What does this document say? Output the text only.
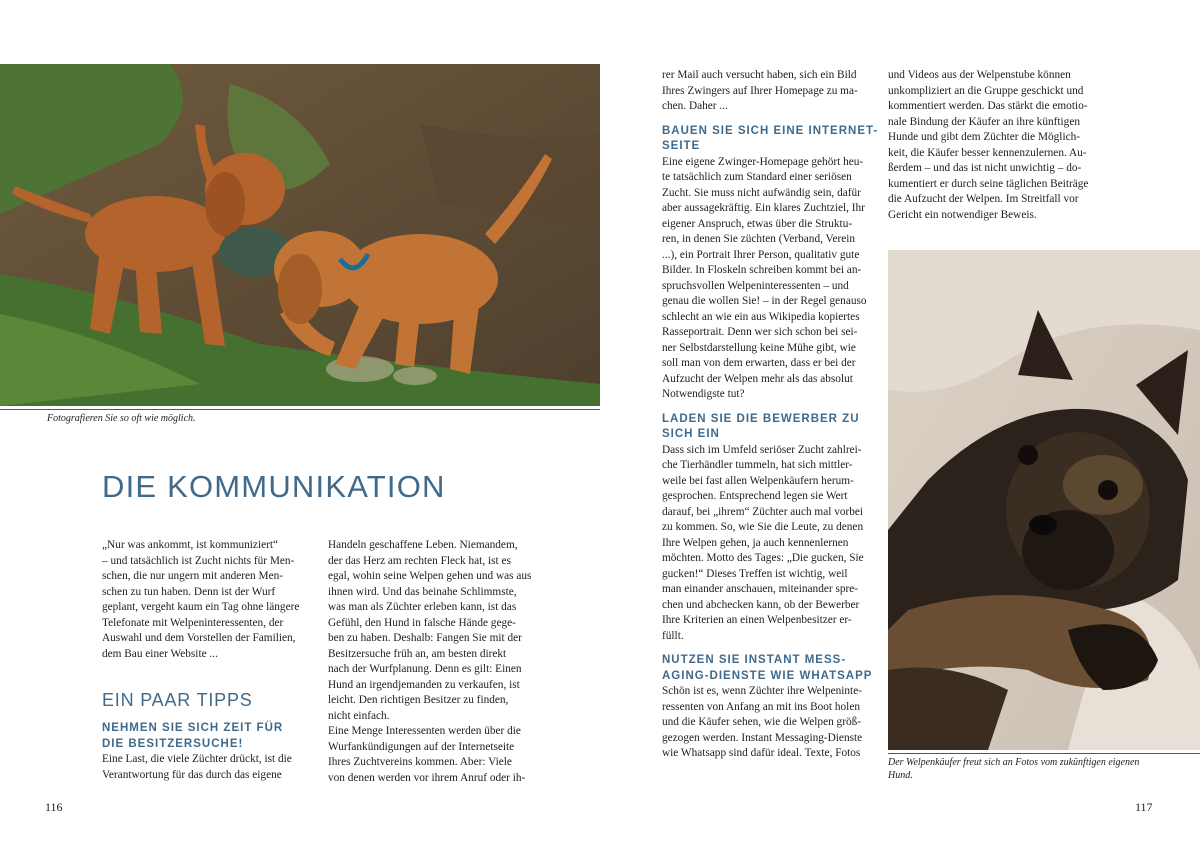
Fotografieren Sie so oft wie möglich.
DIE KOMMUNIKATION
„Nur was ankommt, ist kommuniziert“
– und tatsächlich ist Zucht nichts für Men-
schen, die nur ungern mit anderen Men-
schen zu tun haben. Denn ist der Wurf
geplant, vergeht kaum ein Tag ohne längere
Telefonate mit Welpeninteressenten, der
Auswahl und dem Vorstellen der Familien,
dem Bau einer Website ...
EIN PAAR TIPPS
NEHMEN SIE SICH ZEIT FÜR
DIE BESITZERSUCHE!
Eine Last, die viele Züchter drückt, ist die
Verantwortung für das durch das eigene
Handeln geschaffene Leben. Niemandem,
der das Herz am rechten Fleck hat, ist es
egal, wohin seine Welpen gehen und was aus
ihnen wird. Und das beinahe Schlimmste,
was man als Züchter erleben kann, ist das
Gefühl, den Hund in falsche Hände gege-
ben zu haben. Deshalb: Fangen Sie mit der
Besitzersuche früh an, am besten direkt
nach der Wurfplanung. Denn es gilt: Einen
Hund an irgendjemanden zu verkaufen, ist
leicht. Den richtigen Besitzer zu finden,
nicht einfach.
Eine Menge Interessenten werden über die
Wurfankündigungen auf der Internetseite
Ihres Zuchtvereins kommen. Aber: Viele
von denen werden vor ihrem Anruf oder ih-
116
rer Mail auch versucht haben, sich ein Bild
Ihres Zwingers auf Ihrer Homepage zu ma-
chen. Daher ...
BAUEN SIE SICH EINE INTERNET-
SEITE
Eine eigene Zwinger-Homepage gehört heu-
te tatsächlich zum Standard einer seriösen
Zucht. Sie muss nicht aufwändig sein, dafür
aber aussagekräftig. Ein klares Zuchtziel, Ihr
eigener Anspruch, etwas über die Struktu-
ren, in denen Sie züchten (Verband, Verein
...), ein Portrait Ihrer Person, qualitativ gute
Bilder. In Floskeln schreiben kommt bei an-
spruchsvollen Welpeninteressenten – und
genau die wollen Sie! – in der Regel genauso
schlecht an wie ein aus Wikipedia kopiertes
Rasseportrait. Denn wer sich schon bei sei-
ner Selbstdarstellung keine Mühe gibt, wie
soll man von dem erwarten, dass er bei der
Aufzucht der Welpen mehr als das absolut
Notwendigste tut?
LADEN SIE DIE BEWERBER ZU
SICH EIN
Dass sich im Umfeld seriöser Zucht zahlrei-
che Tierhändler tummeln, hat sich mittler-
weile bei fast allen Welpenkäufern herum-
gesprochen. Entsprechend legen sie Wert
darauf, bei „ihrem“ Züchter auch mal vorbei
zu kommen. So, wie Sie die Leute, zu denen
Ihre Welpen gehen, ja auch kennenlernen
möchten. Motto des Tages: „Die gucken, Sie
gucken!“ Dieses Treffen ist wichtig, weil
man einander anschauen, miteinander spre-
chen und abchecken kann, ob der Bewerber
Ihre Kriterien an einen Welpenbesitzer er-
füllt.
NUTZEN SIE INSTANT MESS-
AGING-DIENSTE WIE WHATSAPP
Schön ist es, wenn Züchter ihre Welpeninte-
ressenten von Anfang an mit ins Boot holen
und die Käufer sehen, wie die Welpen größ-
gezogen werden. Instant Messaging-Dienste
wie Whatsapp sind dafür ideal. Texte, Fotos
und Videos aus der Welpenstube können
unkompliziert an die Gruppe geschickt und
kommentiert werden. Das stärkt die emotio-
nale Bindung der Käufer an ihre künftigen
Hunde und gibt dem Züchter die Möglich-
keit, die Käufer besser kennenzulernen. Au-
ßerdem – und das ist nicht unwichtig – do-
kumentiert er durch seine täglichen Beiträge
die Aufzucht der Welpen. Im Streitfall vor
Gericht ein notwendiger Beweis.
Der Welpenkäufer freut sich an Fotos vom zukünftigen eigenen
Hund.
117
